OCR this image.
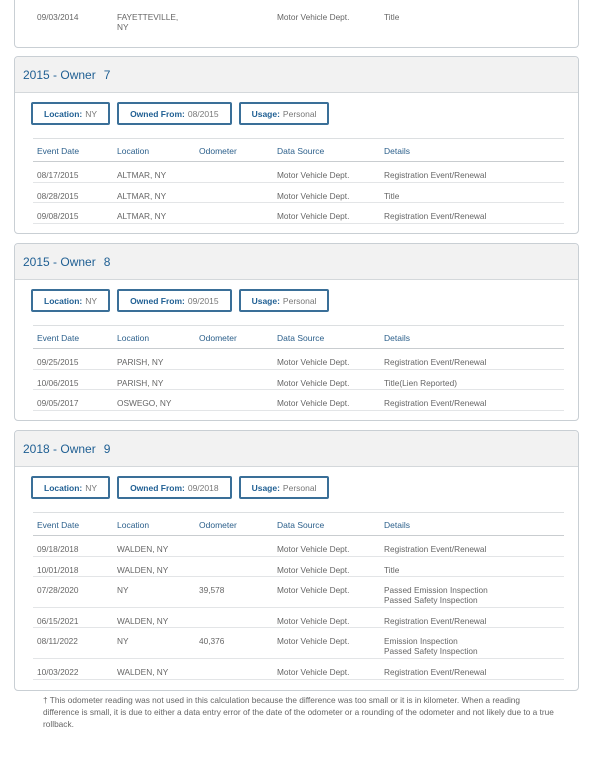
09/03/2014	FAYETTEVILLE,
NY
Motor Vehicle Dept.	Title
2015 - Owner 7
Location: NY	Owned From: 08/2015	Usage: Personal
Event Date	Location	Odometer	Data Source	Details
08/17/2015	ALTMAR, NY	Motor Vehicle Dept.	Registration Event/Renewal
08/28/2015	ALTMAR, NY	Motor Vehicle Dept.	Title
09/08/2015	ALTMAR, NY	Motor Vehicle Dept.	Registration Event/Renewal
2015 - Owner 8
Location: NY	Owned From: 09/2015	Usage: Personal
Event Date	Location	Odometer	Data Source	Details
09/25/2015	PARISH, NY	Motor Vehicle Dept.	Registration Event/Renewal
10/06/2015	PARISH, NY	Motor Vehicle Dept.	Title(Lien Reported)
09/05/2017	OSWEGO, NY	Motor Vehicle Dept.	Registration Event/Renewal
2018 - Owner 9
Location: NY	Owned From: 09/2018	Usage: Personal
Event Date	Location	Odometer	Data Source	Details
09/18/2018	WALDEN, NY	Motor Vehicle Dept.	Registration Event/Renewal
10/01/2018	WALDEN, NY	Motor Vehicle Dept.	Title
07/28/2020	NY	39,578	Motor Vehicle Dept.	Passed Emission Inspection
Passed Safety Inspection
06/15/2021	WALDEN, NY	Motor Vehicle Dept.	Registration Event/Renewal
08/11/2022	NY	40,376	Motor Vehicle Dept.	Emission Inspection
Passed Safety Inspection
10/03/2022	WALDEN, NY	Motor Vehicle Dept.	Registration Event/Renewal
† This odometer reading was not used in this calculation because the difference was too small or it is in kilometer. When a reading difference is small, it is due to either a data entry error of the date of the odometer or a rounding of the odometer and not likely due to a true rollback.
